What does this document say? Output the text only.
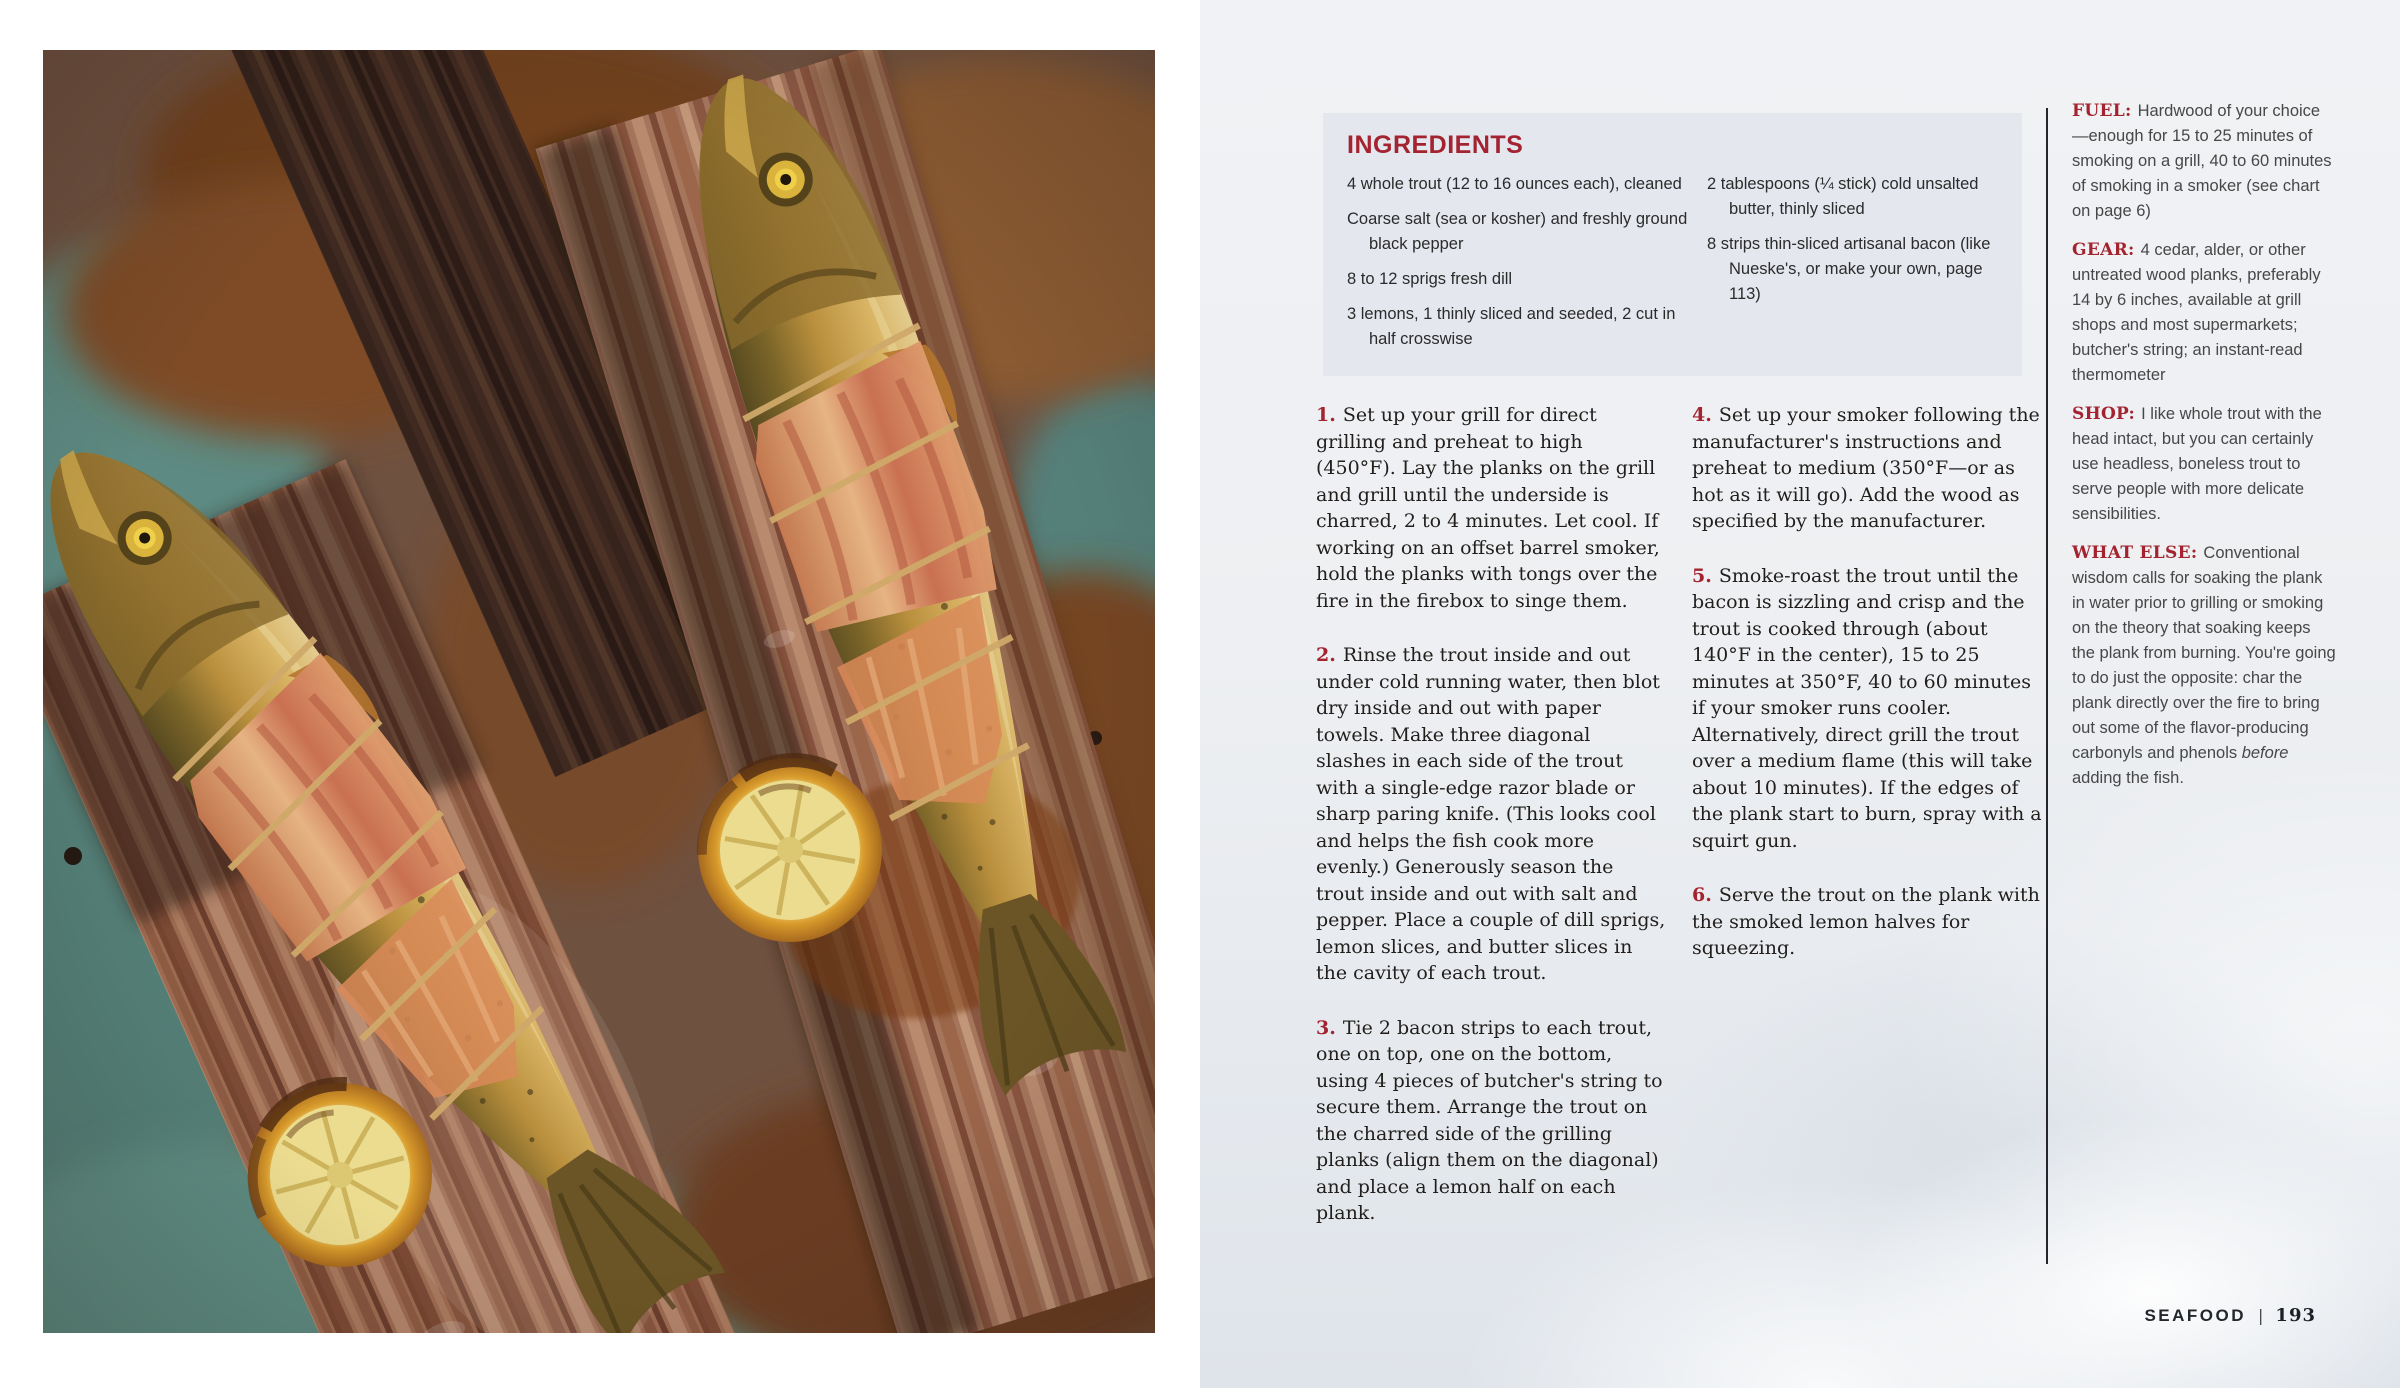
INGREDIENTS

4 whole trout (12 to 16 ounces each), cleaned

Coarse salt (sea or kosher) and freshly ground black pepper

8 to 12 sprigs fresh dill

3 lemons, 1 thinly sliced and seeded, 2 cut in half crosswise

2 tablespoons (¼ stick) cold unsalted butter, thinly sliced

8 strips thin-sliced artisanal bacon (like Nueske's, or make your own, page 113)

1. Set up your grill for direct grilling and preheat to high (450°F). Lay the planks on the grill and grill until the underside is charred, 2 to 4 minutes. Let cool. If working on an offset barrel smoker, hold the planks with tongs over the fire in the firebox to singe them.

2. Rinse the trout inside and out under cold running water, then blot dry inside and out with paper towels. Make three diagonal slashes in each side of the trout with a single-edge razor blade or sharp paring knife. (This looks cool and helps the fish cook more evenly.) Generously season the trout inside and out with salt and pepper. Place a couple of dill sprigs, lemon slices, and butter slices in the cavity of each trout.

3. Tie 2 bacon strips to each trout, one on top, one on the bottom, using 4 pieces of butcher's string to secure them. Arrange the trout on the charred side of the grilling planks (align them on the diagonal) and place a lemon half on each plank.

4. Set up your smoker following the manufacturer's instructions and preheat to medium (350°F—or as hot as it will go). Add the wood as specified by the manufacturer.

5. Smoke-roast the trout until the bacon is sizzling and crisp and the trout is cooked through (about 140°F in the center), 15 to 25 minutes at 350°F, 40 to 60 minutes if your smoker runs cooler. Alternatively, direct grill the trout over a medium flame (this will take about 10 minutes). If the edges of the plank start to burn, spray with a squirt gun.

6. Serve the trout on the plank with the smoked lemon halves for squeezing.

FUEL: Hardwood of your choice—enough for 15 to 25 minutes of smoking on a grill, 40 to 60 minutes of smoking in a smoker (see chart on page 6)

GEAR: 4 cedar, alder, or other untreated wood planks, preferably 14 by 6 inches, available at grill shops and most supermarkets; butcher's string; an instant-read thermometer

SHOP: I like whole trout with the head intact, but you can certainly use headless, boneless trout to serve people with more delicate sensibilities.

WHAT ELSE: Conventional wisdom calls for soaking the plank in water prior to grilling or smoking on the theory that soaking keeps the plank from burning. You're going to do just the opposite: char the plank directly over the fire to bring out some of the flavor-producing carbonyls and phenols before adding the fish.

SEAFOOD | 193
